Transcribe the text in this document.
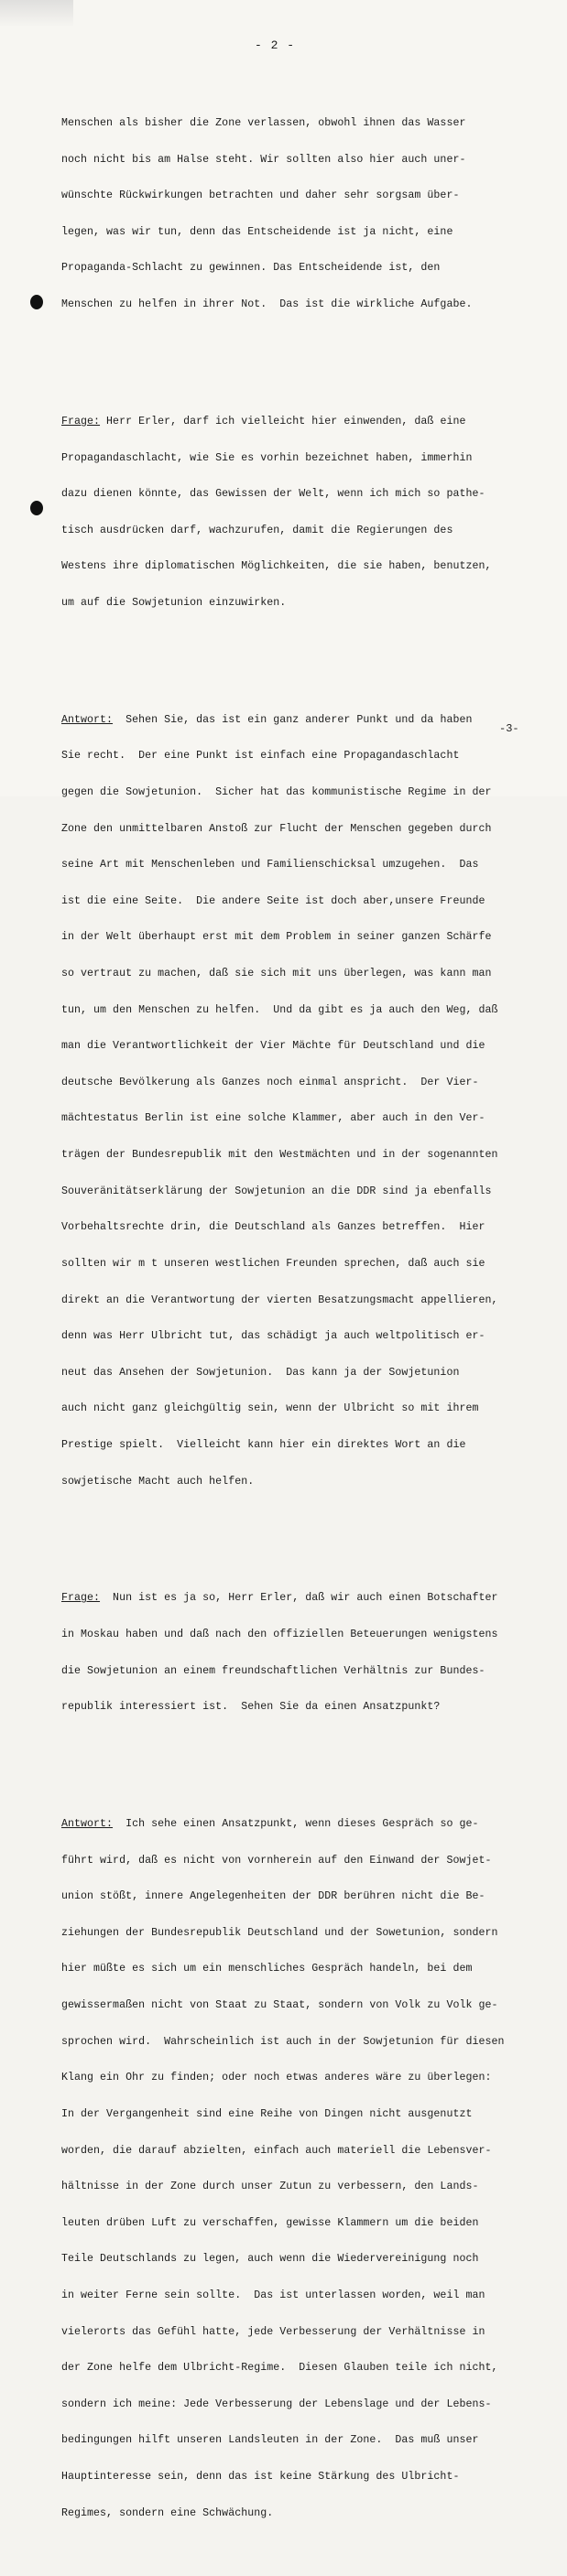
- 2 -

Menschen als bisher die Zone verlassen, obwohl ihnen das Wasser

noch nicht bis am Halse steht. Wir sollten also hier auch uner-

wünschte Rückwirkungen betrachten und daher sehr sorgsam über-

legen, was wir tun, denn das Entscheidende ist ja nicht, eine

Propaganda-Schlacht zu gewinnen. Das Entscheidende ist, den

Menschen zu helfen in ihrer Not.  Das ist die wirkliche Aufgabe.

Frage: Herr Erler, darf ich vielleicht hier einwenden, daß eine

Propagandaschlacht, wie Sie es vorhin bezeichnet haben, immerhin

dazu dienen könnte, das Gewissen der Welt, wenn ich mich so pathe-

tisch ausdrücken darf, wachzurufen, damit die Regierungen des

Westens ihre diplomatischen Möglichkeiten, die sie haben, benutzen,

um auf die Sowjetunion einzuwirken.

Antwort:  Sehen Sie, das ist ein ganz anderer Punkt und da haben

Sie recht.  Der eine Punkt ist einfach eine Propagandaschlacht

gegen die Sowjetunion.  Sicher hat das kommunistische Regime in der

Zone den unmittelbaren Anstoß zur Flucht der Menschen gegeben durch

seine Art mit Menschenleben und Familienschicksal umzugehen.  Das

ist die eine Seite.  Die andere Seite ist doch aber,unsere Freunde

in der Welt überhaupt erst mit dem Problem in seiner ganzen Schärfe

so vertraut zu machen, daß sie sich mit uns überlegen, was kann man

tun, um den Menschen zu helfen.  Und da gibt es ja auch den Weg, daß

man die Verantwortlichkeit der Vier Mächte für Deutschland und die

deutsche Bevölkerung als Ganzes noch einmal anspricht.  Der Vier-

mächtestatus Berlin ist eine solche Klammer, aber auch in den Ver-

trägen der Bundesrepublik mit den Westmächten und in der sogenannten

Souveränitätserklärung der Sowjetunion an die DDR sind ja ebenfalls

Vorbehaltsrechte drin, die Deutschland als Ganzes betreffen.  Hier

sollten wir m t unseren westlichen Freunden sprechen, daß auch sie

direkt an die Verantwortung der vierten Besatzungsmacht appellieren,

denn was Herr Ulbricht tut, das schädigt ja auch weltpolitisch er-

neut das Ansehen der Sowjetunion.  Das kann ja der Sowjetunion

auch nicht ganz gleichgültig sein, wenn der Ulbricht so mit ihrem

Prestige spielt.  Vielleicht kann hier ein direktes Wort an die

sowjetische Macht auch helfen.

Frage:  Nun ist es ja so, Herr Erler, daß wir auch einen Botschafter

in Moskau haben und daß nach den offiziellen Beteuerungen wenigstens

die Sowjetunion an einem freundschaftlichen Verhältnis zur Bundes-

republik interessiert ist.  Sehen Sie da einen Ansatzpunkt?

Antwort:  Ich sehe einen Ansatzpunkt, wenn dieses Gespräch so ge-

führt wird, daß es nicht von vornherein auf den Einwand der Sowjet-

union stößt, innere Angelegenheiten der DDR berühren nicht die Be-

ziehungen der Bundesrepublik Deutschland und der Sowetunion, sondern

hier müßte es sich um ein menschliches Gespräch handeln, bei dem

gewissermaßen nicht von Staat zu Staat, sondern von Volk zu Volk ge-

sprochen wird.  Wahrscheinlich ist auch in der Sowjetunion für diesen

Klang ein Ohr zu finden; oder noch etwas anderes wäre zu überlegen:

In der Vergangenheit sind eine Reihe von Dingen nicht ausgenutzt

worden, die darauf abzielten, einfach auch materiell die Lebensver-

hältnisse in der Zone durch unser Zutun zu verbessern, den Lands-

leuten drüben Luft zu verschaffen, gewisse Klammern um die beiden

Teile Deutschlands zu legen, auch wenn die Wiedervereinigung noch

in weiter Ferne sein sollte.  Das ist unterlassen worden, weil man

vielerorts das Gefühl hatte, jede Verbesserung der Verhältnisse in

der Zone helfe dem Ulbricht-Regime.  Diesen Glauben teile ich nicht,

sondern ich meine: Jede Verbesserung der Lebenslage und der Lebens-

bedingungen hilft unseren Landsleuten in der Zone.  Das muß unser

Hauptinteresse sein, denn das ist keine Stärkung des Ulbricht-

Regimes, sondern eine Schwächung.

-3-
